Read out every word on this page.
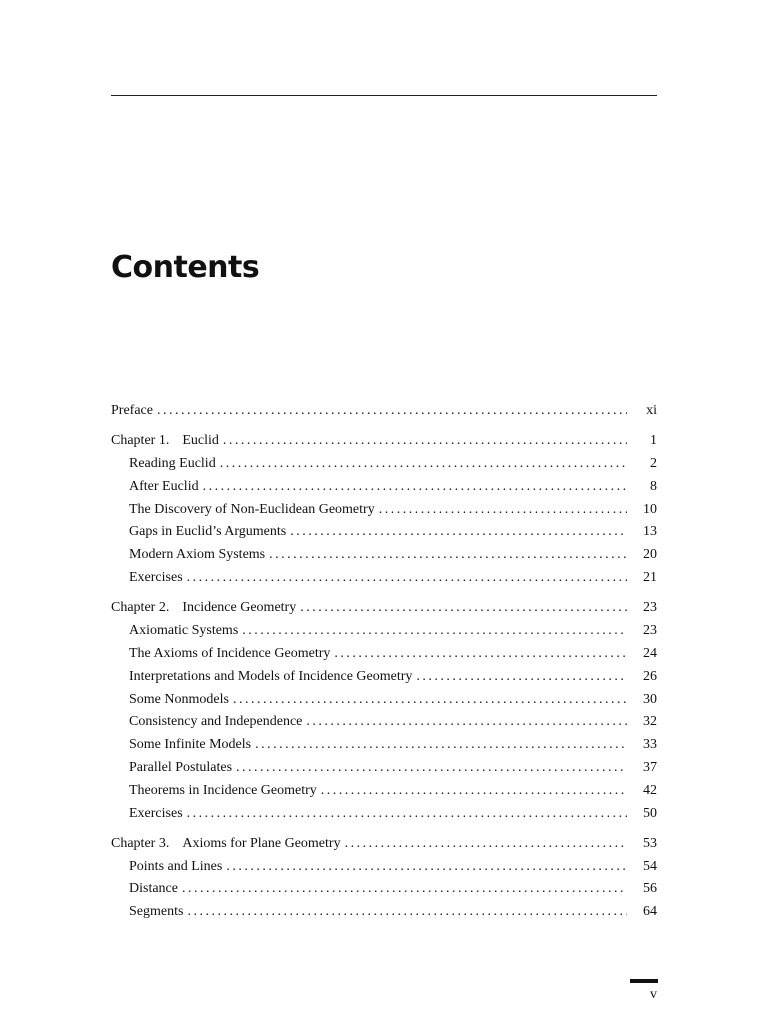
Contents
Preface . . .	xi
Chapter 1. Euclid . . .	1
Reading Euclid . . .	2
After Euclid . . .	8
The Discovery of Non-Euclidean Geometry . . .	10
Gaps in Euclid’s Arguments . . .	13
Modern Axiom Systems . . .	20
Exercises . . .	21
Chapter 2. Incidence Geometry . . .	23
Axiomatic Systems . . .	23
The Axioms of Incidence Geometry . . .	24
Interpretations and Models of Incidence Geometry . . .	26
Some Nonmodels . . .	30
Consistency and Independence . . .	32
Some Infinite Models . . .	33
Parallel Postulates . . .	37
Theorems in Incidence Geometry . . .	42
Exercises . . .	50
Chapter 3. Axioms for Plane Geometry . . .	53
Points and Lines . . .	54
Distance . . .	56
Segments . . .	64
v
